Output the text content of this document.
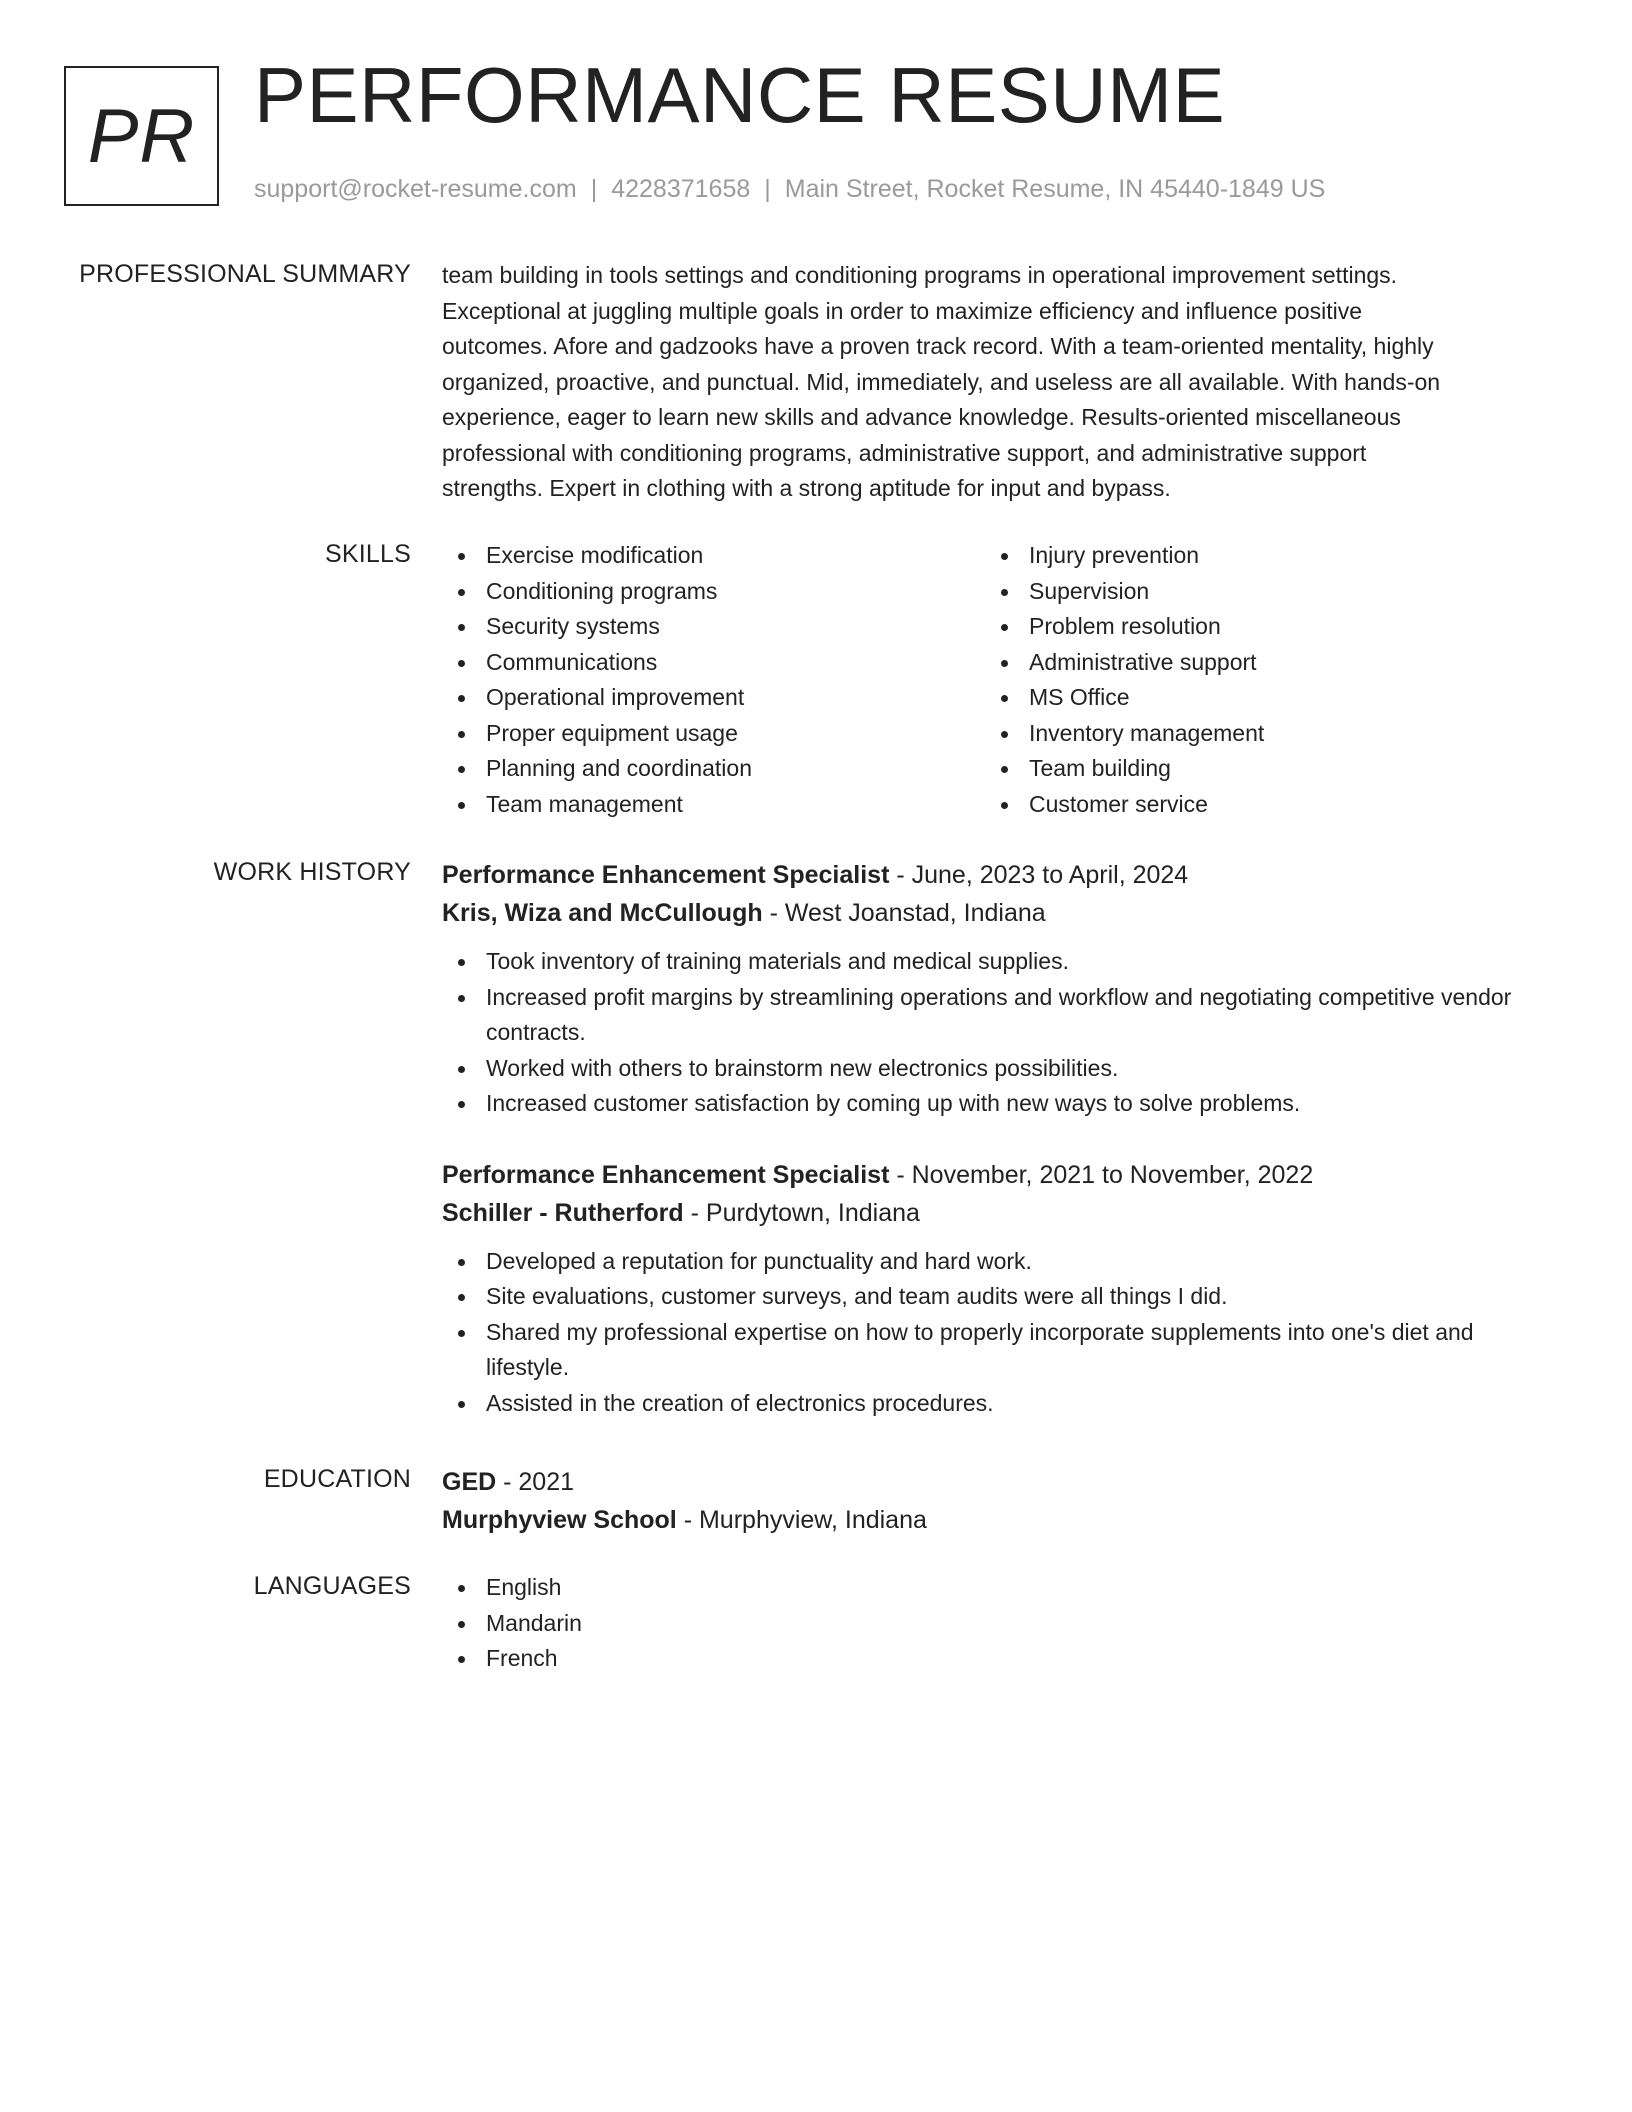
PR PERFORMANCE RESUME
support@rocket-resume.com | 4228371658 | Main Street, Rocket Resume, IN 45440-1849 US
PROFESSIONAL SUMMARY team building in tools settings and conditioning programs in operational improvement settings.
Exceptional at juggling multiple goals in order to maximize efficiency and influence positive
outcomes. Afore and gadzooks have a proven track record. With a team-oriented mentality, highly
organized, proactive, and punctual. Mid, immediately, and useless are all available. With hands-on
experience, eager to learn new skills and advance knowledge. Results-oriented miscellaneous
professional with conditioning programs, administrative support, and administrative support
strengths. Expert in clothing with a strong aptitude for input and bypass.
SKILLS	Exercise modification
Conditioning programs
Security systems
Communications
Operational improvement
Proper equipment usage
Planning and coordination
Team management
Injury prevention
Supervision
Problem resolution
Administrative support
MS Office
Inventory management
Team building
Customer service
WORK HISTORY Performance Enhancement Specialist - June, 2023 to April, 2024
Kris, Wiza and McCullough - West Joanstad, Indiana
Took inventory of training materials and medical supplies.
Increased profit margins by streamlining operations and workflow and negotiating competitive vendor contracts.
Worked with others to brainstorm new electronics possibilities.
Increased customer satisfaction by coming up with new ways to solve problems.
Performance Enhancement Specialist - November, 2021 to November, 2022
Schiller - Rutherford - Purdytown, Indiana
Developed a reputation for punctuality and hard work.
Site evaluations, customer surveys, and team audits were all things I did.
Shared my professional expertise on how to properly incorporate supplements into one's diet and lifestyle.
Assisted in the creation of electronics procedures.
EDUCATION GED - 2021
Murphyview School - Murphyview, Indiana
LANGUAGES	English
Mandarin
French
